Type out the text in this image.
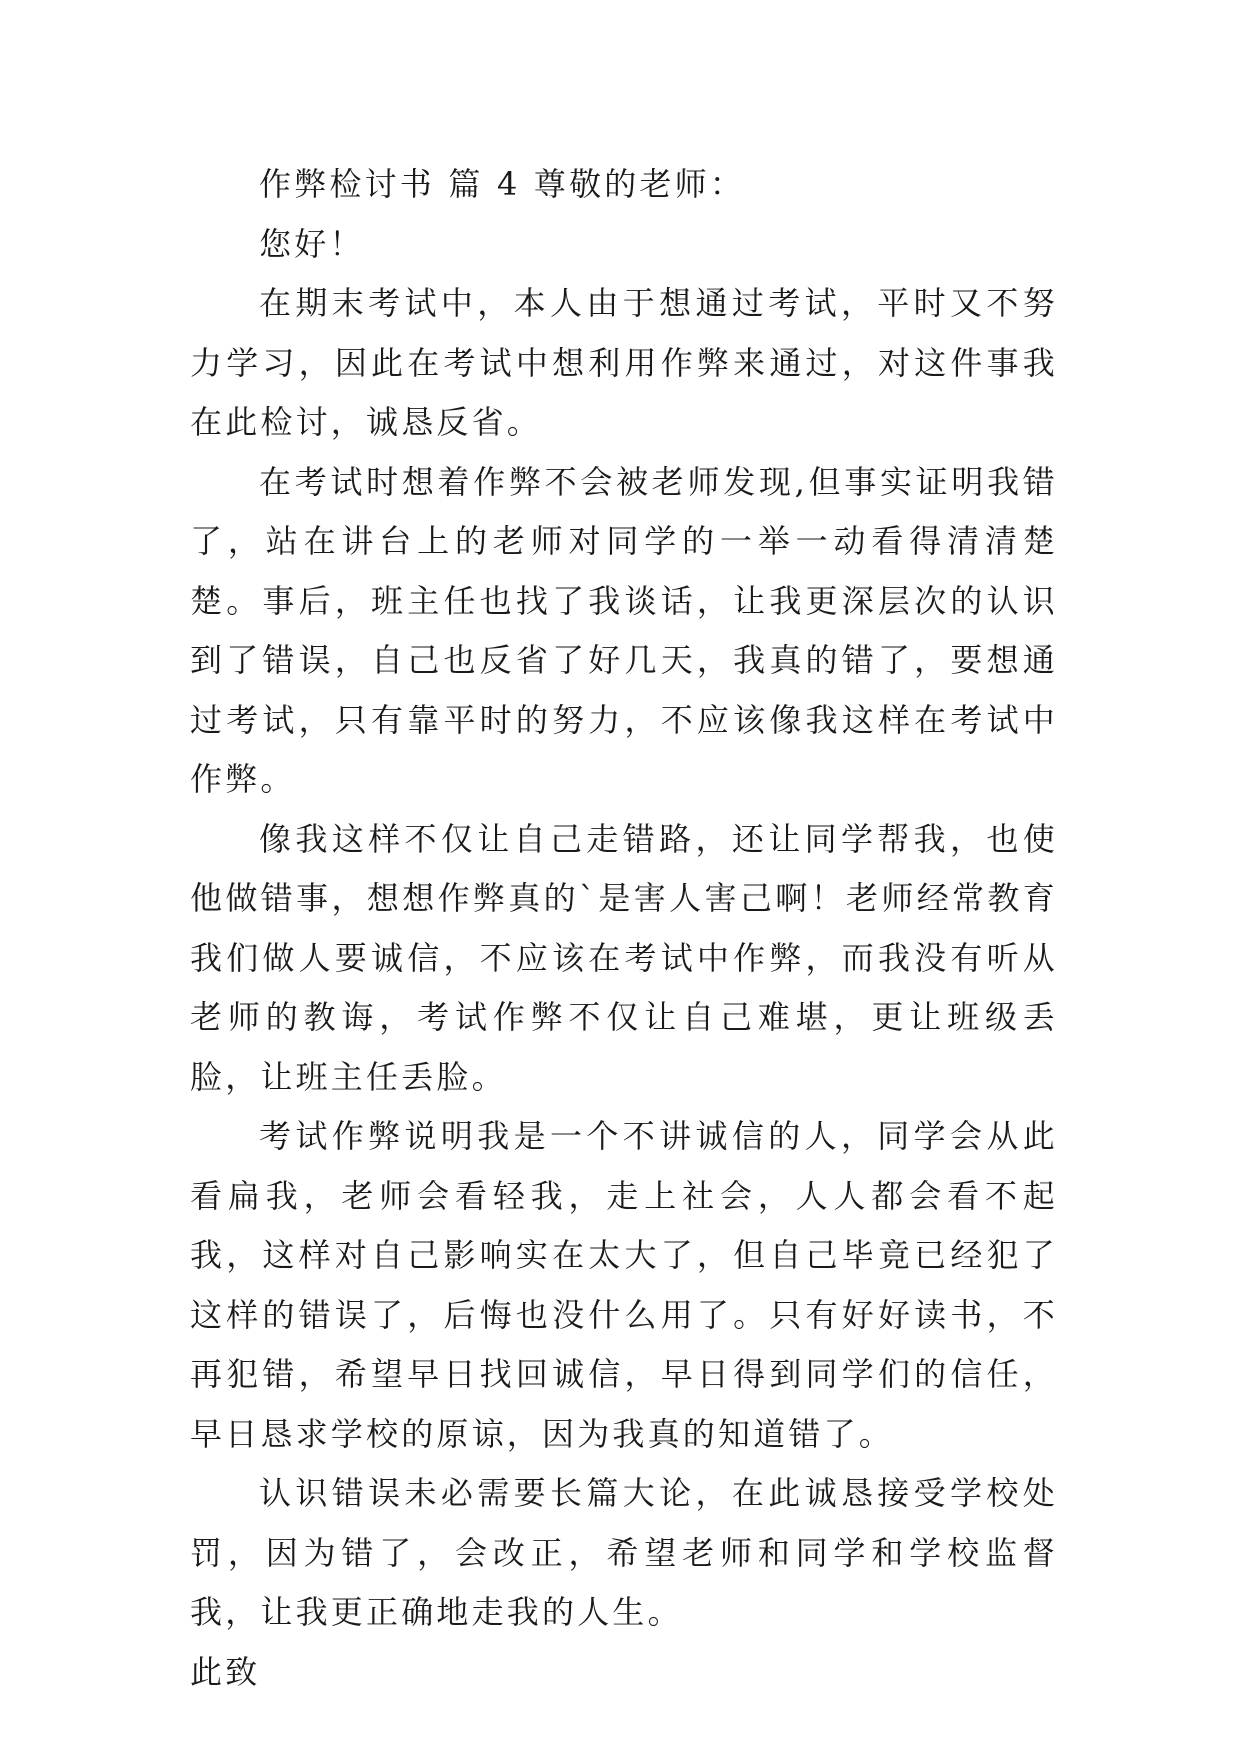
作弊检讨书 篇 4 尊敬的老师：

您好！

在期末考试中，本人由于想通过考试，平时又不努力学习，因此在考试中想利用作弊来通过，对这件事我在此检讨，诚恳反省。

在考试时想着作弊不会被老师发现,但事实证明我错了，站在讲台上的老师对同学的一举一动看得清清楚楚。事后，班主任也找了我谈话，让我更深层次的认识到了错误，自己也反省了好几天，我真的错了，要想通过考试，只有靠平时的努力，不应该像我这样在考试中作弊。

像我这样不仅让自己走错路，还让同学帮我，也使他做错事，想想作弊真的`是害人害己啊！老师经常教育我们做人要诚信，不应该在考试中作弊，而我没有听从老师的教诲，考试作弊不仅让自己难堪，更让班级丢脸，让班主任丢脸。

考试作弊说明我是一个不讲诚信的人，同学会从此看扁我，老师会看轻我，走上社会，人人都会看不起我，这样对自己影响实在太大了，但自己毕竟已经犯了这样的错误了，后悔也没什么用了。只有好好读书，不再犯错，希望早日找回诚信，早日得到同学们的信任，早日恳求学校的原谅，因为我真的知道错了。

认识错误未必需要长篇大论，在此诚恳接受学校处罚，因为错了，会改正，希望老师和同学和学校监督我，让我更正确地走我的人生。

此致
